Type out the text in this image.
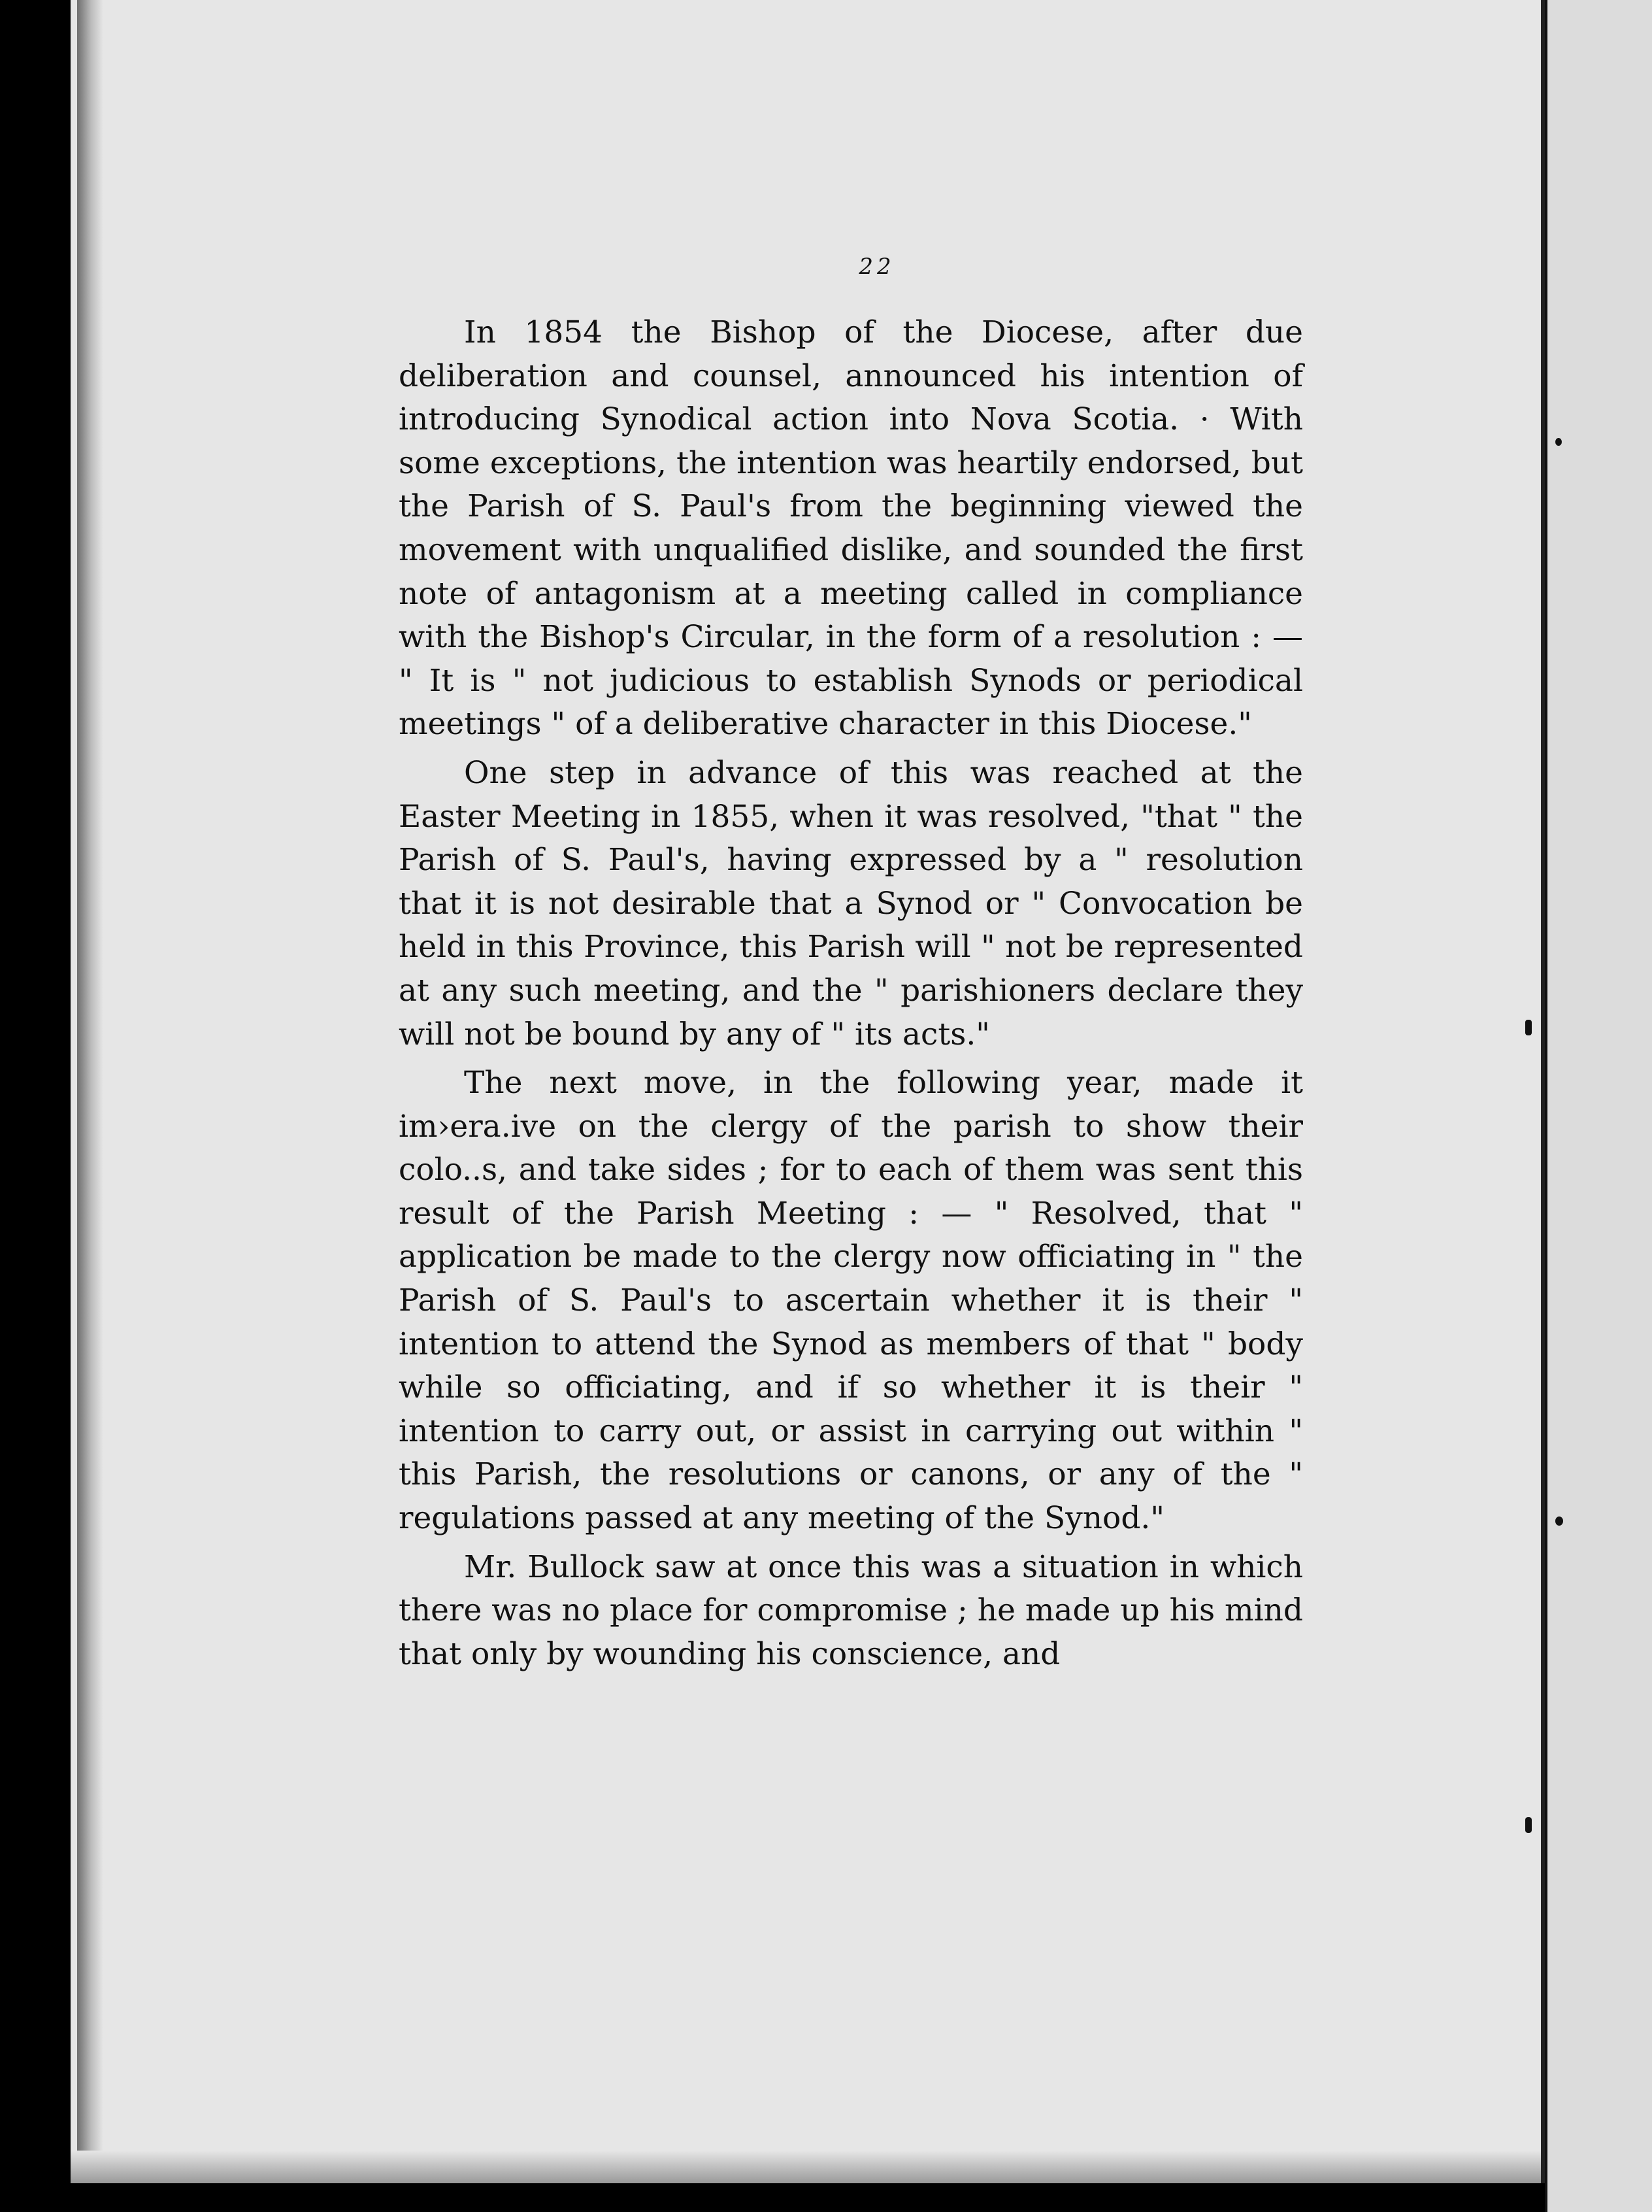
22

In 1854 the Bishop of the Diocese, after due deliberation and counsel, announced his intention of introducing Synodical action into Nova Scotia. · With some exceptions, the intention was heartily endorsed, but the Parish of S. Paul's from the beginning viewed the movement with unqualified dislike, and sounded the first note of antagonism at a meeting called in compliance with the Bishop's Circular, in the form of a resolution : — " It is " not judicious to establish Synods or periodical meetings " of a deliberative character in this Diocese."

One step in advance of this was reached at the Easter Meeting in 1855, when it was resolved, "that " the Parish of S. Paul's, having expressed by a " resolution that it is not desirable that a Synod or " Convocation be held in this Province, this Parish will " not be represented at any such meeting, and the " parishioners declare they will not be bound by any of " its acts."

The next move, in the following year, made it im›era.ive on the clergy of the parish to show their colo..s, and take sides ; for to each of them was sent this result of the Parish Meeting : — " Resolved, that " application be made to the clergy now officiating in " the Parish of S. Paul's to ascertain whether it is their " intention to attend the Synod as members of that " body while so officiating, and if so whether it is their " intention to carry out, or assist in carrying out within " this Parish, the resolutions or canons, or any of the " regulations passed at any meeting of the Synod."

Mr. Bullock saw at once this was a situation in which there was no place for compromise ; he made up his mind that only by wounding his conscience, and
